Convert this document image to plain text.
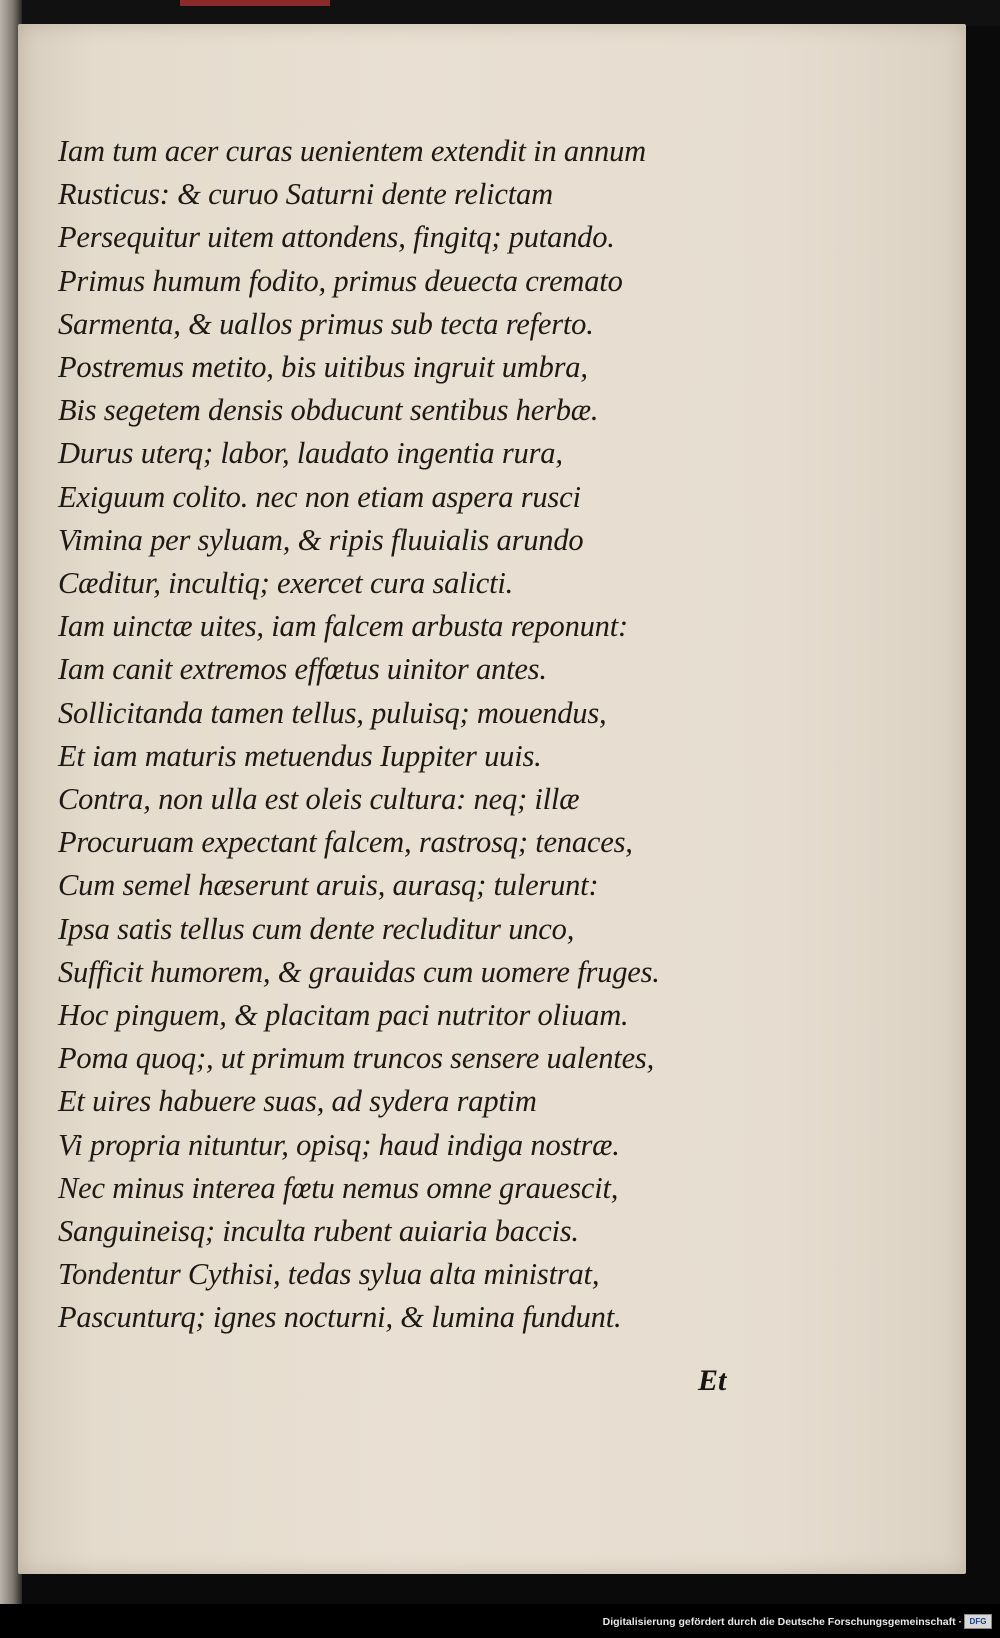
Iam tum acer curas uenientem extendit in annum
Rusticus: & curuo Saturni dente relictam
Persequitur uitem attondens, fingitq; putando.
Primus humum fodito, primus deuecta cremato
Sarmenta, & uallos primus sub tecta referto.
Postremus metito, bis uitibus ingruit umbra,
Bis segetem densis obducunt sentibus herbæ.
Durus uterq; labor, laudato ingentia rura,
Exiguum colito. nec non etiam aspera rusci
Vimina per syluam, & ripis fluuialis arundo
Cæditur, incultiq; exercet cura salicti.
Iam uinctæ uites, iam falcem arbusta reponunt:
Iam canit extremos effœtus uinitor antes.
Sollicitanda tamen tellus, puluisq; mouendus,
Et iam maturis metuendus Iuppiter uuis.
Contra, non ulla est oleis cultura: neq; illæ
Procuruam expectant falcem, rastrosq; tenaces,
Cum semel hæserunt aruis, aurasq; tulerunt:
Ipsa satis tellus cum dente recluditur unco,
Sufficit humorem, & grauidas cum uomere fruges.
Hoc pinguem, & placitam paci nutritor oliuam.
Poma quoq;, ut primum truncos sensere ualentes,
Et uires habuere suas, ad sydera raptim
Vi propria nituntur, opisq; haud indiga nostræ.
Nec minus interea fœtu nemus omne grauescit,
Sanguineisq; inculta rubent auiaria baccis.
Tondentur Cythisi, tedas sylua alta ministrat,
Pascunturq; ignes nocturni, & lumina fundunt.
Et
Digitalisierung gefördert durch die Deutsche Forschungsgemeinschaft · DFG
